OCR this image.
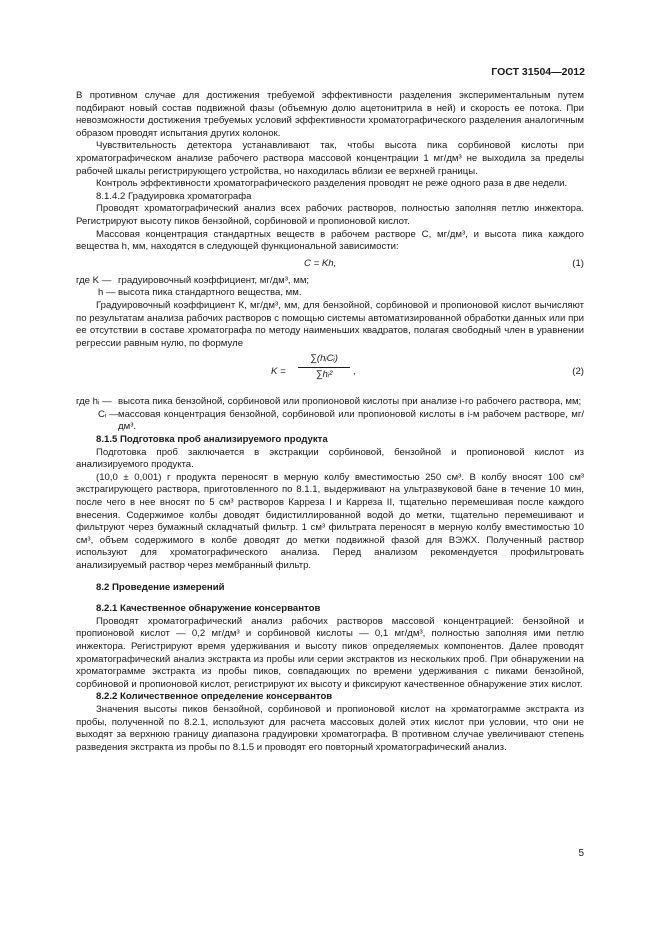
ГОСТ 31504—2012

В противном случае для достижения требуемой эффективности разделения экспериментальным путем подбирают новый состав подвижной фазы (объемную долю ацетонитрила в ней) и скорость ее потока. При невозможности достижения требуемых условий эффективности хроматографического разделения аналогичным образом проводят испытания других колонок.

Чувствительность детектора устанавливают так, чтобы высота пика сорбиновой кислоты при хроматографическом анализе рабочего раствора массовой концентрации 1 мг/дм³ не выходила за пределы рабочей шкалы регистрирующего устройства, но находилась вблизи ее верхней границы.

Контроль эффективности хроматографического разделения проводят не реже одного раза в две недели.

8.1.4.2 Градуировка хроматографа

Проводят хроматографический анализ всех рабочих растворов, полностью заполняя петлю инжектора. Регистрируют высоту пиков бензойной, сорбиновой и пропионовой кислот.

Массовая концентрация стандартных веществ в рабочем растворе С, мг/дм³, и высота пика каждого вещества h, мм, находятся в следующей функциональной зависимости:

C = Kh,	(1)
где K — градуировочный коэффициент, мг/дм³, мм;
h — высота пика стандартного вещества, мм.

Градуировочный коэффициент К, мг/дм³, мм, для бензойной, сорбиновой и пропионовой кислот вычисляют по результатам анализа рабочих растворов с помощью системы автоматизированной обработки данных или при ее отсутствии в составе хроматографа по методу наименьших квадратов, полагая свободный член в уравнении регрессии равным нулю, по формуле

K =
∑(hᵢCᵢ)
∑hᵢ²	,	(2)
где hᵢ — высота пика бензойной, сорбиновой или пропионовой кислоты при анализе i-го рабочего раствора, мм;
Cᵢ — массовая концентрация бензойной, сорбиновой или пропионовой кислоты в i-м рабочем растворе, мг/дм³.

8.1.5 Подготовка проб анализируемого продукта

Подготовка проб заключается в экстракции сорбиновой, бензойной и пропионовой кислот из анализируемого продукта.

(10,0 ± 0,001) г продукта переносят в мерную колбу вместимостью 250 см³. В колбу вносят 100 см³ экстрагирующего раствора, приготовленного по 8.1.1, выдерживают на ультразвуковой бане в течение 10 мин, после чего в нее вносят по 5 см³ растворов Карреза I и Карреза II, тщательно перемешивая после каждого внесения. Содержимое колбы доводят бидистиллированной водой до метки, тщательно перемешивают и фильтруют через бумажный складчатый фильтр. 1 см³ фильтрата переносят в мерную колбу вместимостью 10 см³, объем содержимого в колбе доводят до метки подвижной фазой для ВЭЖХ. Полученный раствор используют для хроматографического анализа. Перед анализом рекомендуется профильтровать анализируемый раствор через мембранный фильтр.

8.2 Проведение измерений

8.2.1 Качественное обнаружение консервантов

Проводят хроматографический анализ рабочих растворов массовой концентрацией: бензойной и пропионовой кислот — 0,2 мг/дм³ и сорбиновой кислоты — 0,1 мг/дм³, полностью заполняя ими петлю инжектора. Регистрируют время удерживания и высоту пиков определяемых компонентов. Далее проводят хроматографический анализ экстракта из пробы или серии экстрактов из нескольких проб. При обнаружении на хроматограмме экстракта из пробы пиков, совпадающих по времени удерживания с пиками бензойной, сорбиновой и пропионовой кислот, регистрируют их высоту и фиксируют качественное обнаружение этих кислот.

8.2.2 Количественное определение консервантов

Значения высоты пиков бензойной, сорбиновой и пропионовой кислот на хроматограмме экстракта из пробы, полученной по 8.2.1, используют для расчета массовых долей этих кислот при условии, что они не выходят за верхнюю границу диапазона градуировки хроматографа. В противном случае увеличивают степень разведения экстракта из пробы по 8.1.5 и проводят его повторный хроматографический анализ.

5
